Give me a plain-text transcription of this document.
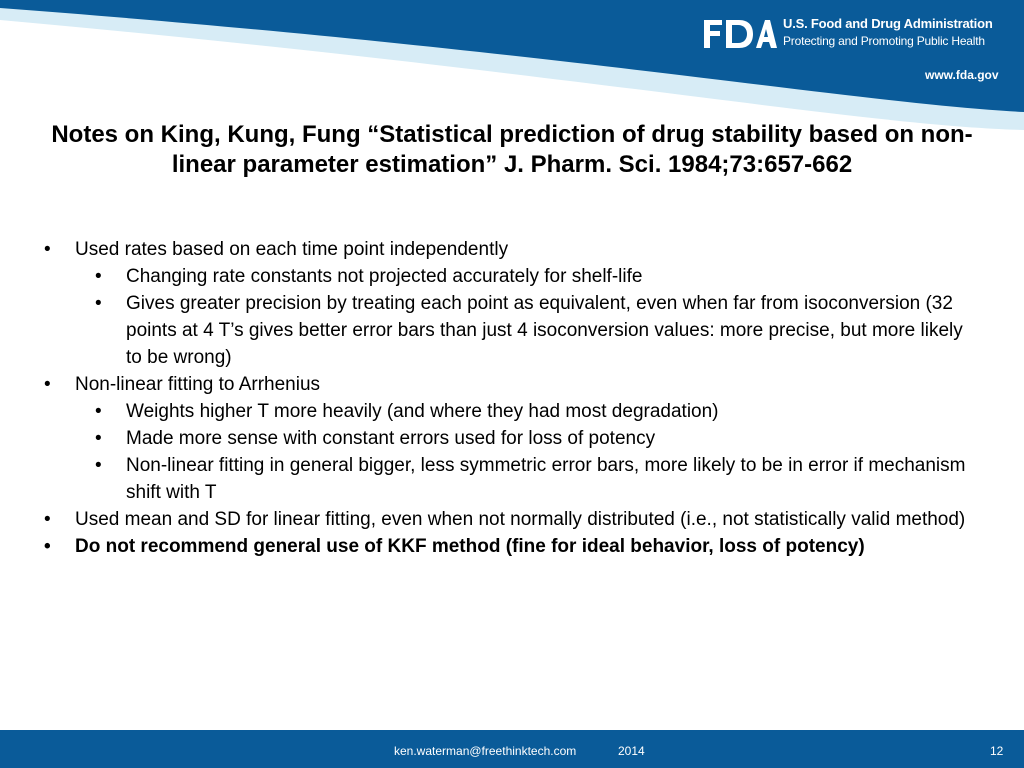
U.S. Food and Drug Administration
Protecting and Promoting Public Health
www.fda.gov
Notes on King, Kung, Fung “Statistical prediction of drug stability based on non-linear parameter estimation” J. Pharm. Sci. 1984;73:657-662
• Used rates based on each time point independently
• Changing rate constants not projected accurately for shelf-life
• Gives greater precision by treating each point as equivalent, even when far from isoconversion (32 points at 4 T’s gives better error bars than just 4 isoconversion values: more precise, but more likely to be wrong)
• Non-linear fitting to Arrhenius
• Weights higher T more heavily (and where they had most degradation)
• Made more sense with constant errors used for loss of potency
• Non-linear fitting in general bigger, less symmetric error bars, more likely to be in error if mechanism shift with T
• Used mean and SD for linear fitting, even when not normally distributed (i.e., not statistically valid method)
• Do not recommend general use of KKF method (fine for ideal behavior, loss of potency)
ken.waterman@freethinktech.com	2014	12
